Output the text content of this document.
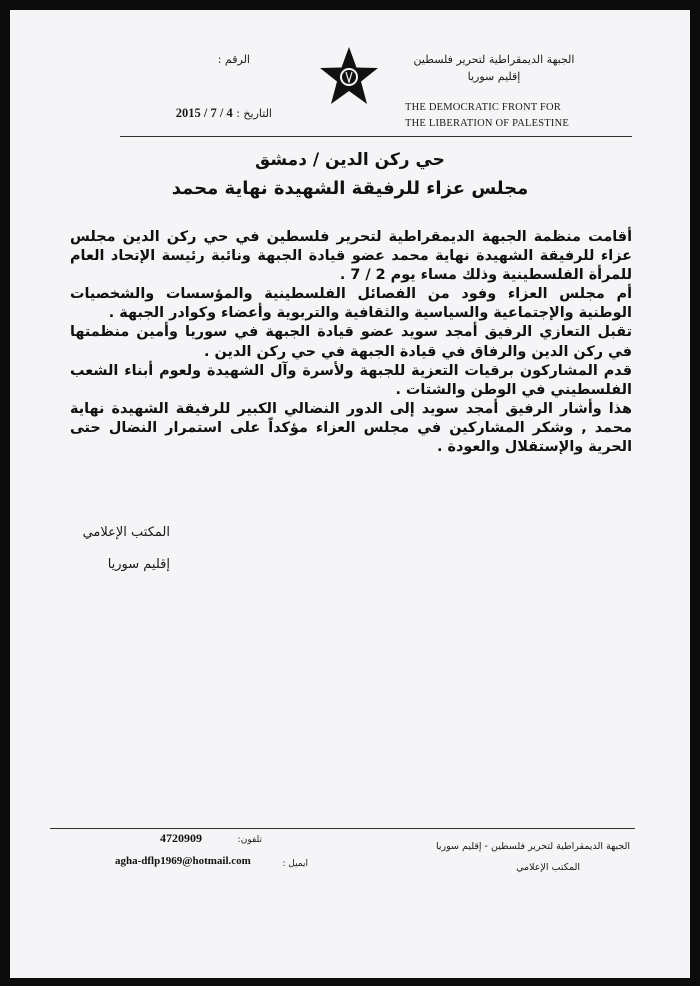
الجبهة الديمقراطية لتحرير فلسطين
إقليم سوريا
THE DEMOCRATIC FRONT FOR
THE LIBERATION OF PALESTINE
الرقم :
التاريخ : 2015 / 7 / 4
حي ركن الدين / دمشق
مجلس عزاء للرفيقة الشهيدة نهاية محمد

أقامت منظمة الجبهة الديمقراطية لتحرير فلسطين في حي ركن الدين مجلس عزاء للرفيقة الشهيدة نهاية محمد عضو قيادة الجبهة ونائبة رئيسة الإتحاد العام للمرأة الفلسطينية وذلك مساء يوم 2 / 7 .

أم مجلس العزاء وفود من الفصائل الفلسطينية والمؤسسات والشخصيات الوطنية والإجتماعية والسياسية والثقافية والتربوية وأعضاء وكوادر الجبهة .

تقبل التعازي الرفيق أمجد سويد عضو قيادة الجبهة في سوريا وأمين منظمتها في ركن الدين والرفاق في قيادة الجبهة في حي ركن الدين .

قدم المشاركون برقيات التعزية للجبهة ولأسرة وآل الشهيدة ولعوم أبناء الشعب الفلسطيني في الوطن والشتات .

هذا وأشار الرفيق أمجد سويد إلى الدور النضالي الكبير للرفيقة الشهيدة نهاية محمد , وشكر المشاركين في مجلس العزاء مؤكداً على استمرار النضال حتى الحرية والإستقلال والعودة .

المكتب الإعلامي
إقليم سوريا
الجبهة الديمقراطية لتحرير فلسطين - إقليم سوريا
المكتب الإعلامي
تلفون:
4720909
ايميل :
agha-dflp1969@hotmail.com
